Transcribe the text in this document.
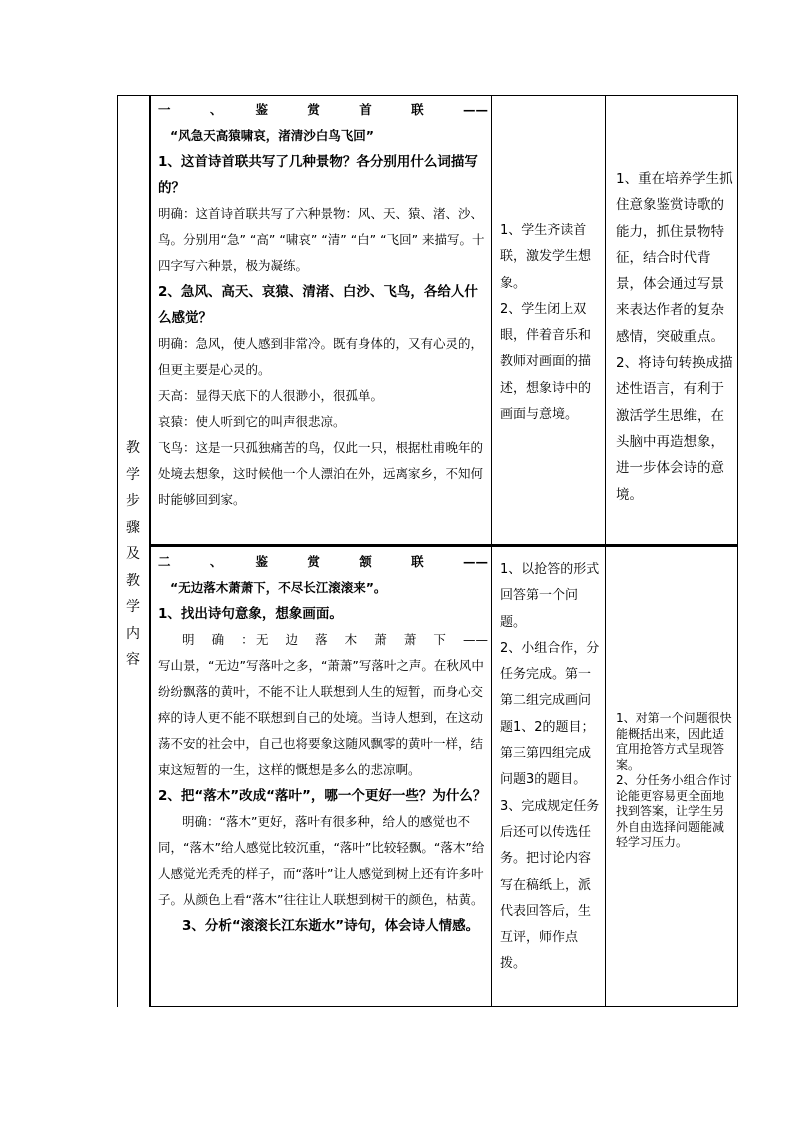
教
学
步
骤
及
教
学
内
容

一　、　鉴　赏　首　联　——

“风急天高猿啸哀，渚清沙白鸟飞回”

1、这首诗首联共写了几种景物？各分别用什么词描写的？

明确：这首诗首联共写了六种景物：风、天、猿、渚、沙、鸟。分别用“急” “高” “啸哀” “清” “白” “飞回” 来描写。十四字写六种景，极为凝练。

2、急风、高天、哀猿、清渚、白沙、飞鸟，各给人什么感觉？

明确：急风，使人感到非常冷。既有身体的，又有心灵的，但更主要是心灵的。

天高：显得天底下的人很渺小，很孤单。

哀猿：使人听到它的叫声很悲凉。

飞鸟：这是一只孤独痛苦的鸟，仅此一只，根据杜甫晚年的处境去想象，这时候他一个人漂泊在外，远离家乡，不知何时能够回到家。

1、学生齐读首联，激发学生想象。
2、学生闭上双眼，伴着音乐和教师对画面的描述，想象诗中的画面与意境。
1、重在培养学生抓住意象鉴赏诗歌的能力，抓住景物特征，结合时代背景，体会通过写景来表达作者的复杂感情，突破重点。
2、将诗句转换成描述性语言，有利于激活学生思维，在头脑中再造想象，进一步体会诗的意境。

二　、　鉴　赏　颔　联　——

“无边落木萧萧下，不尽长江滚滚来”。

1、找出诗句意象，想象画面。

明　确　：无　边　落　木　萧　萧　下　——

写山景，“无边”写落叶之多，“萧萧”写落叶之声。在秋风中纷纷飘落的黄叶，不能不让人联想到人生的短暂，而身心交瘁的诗人更不能不联想到自己的处境。当诗人想到，在这动荡不安的社会中，自己也将要象这随风飘零的黄叶一样，结束这短暂的一生，这样的慨想是多么的悲凉啊。

2、把“落木”改成“落叶”，哪一个更好一些？为什么？

明确：“落木”更好，落叶有很多种，给人的感觉也不同，“落木”给人感觉比较沉重，“落叶”比较轻飘。“落木”给人感觉光秃秃的样子，而“落叶”让人感觉到树上还有许多叶子。从颜色上看“落木”往往让人联想到树干的颜色，枯黄。

3、分析“滚滚长江东逝水”诗句，体会诗人情感。

1、以抢答的形式回答第一个问题。
2、小组合作，分任务完成。第一第二组完成画问题1、2的题目；第三第四组完成问题3的题目。
3、完成规定任务后还可以传选任务。把讨论内容写在稿纸上，派代表回答后，生互评，师作点拨。
1、对第一个问题很快能概括出来，因此适宜用抢答方式呈现答案。
2、分任务小组合作讨论能更容易更全面地找到答案，让学生另外自由选择问题能减轻学习压力。
